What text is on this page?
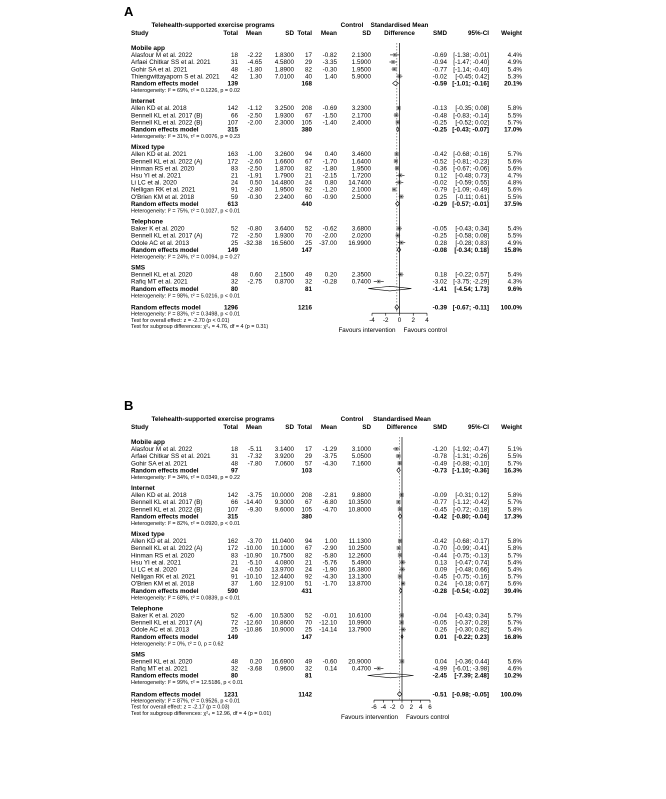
A
Telehealth-supported exercise programs	Control
Study	Total Mean	SD Total Mean	SD
Standardised Mean
Difference	SMD	95%-CI Weight
Mobile app
Alasfour M et al. 2022	18 -2.22 1.8300 17 -0.82 2.1300	-0.69 [-1.38; -0.01]	4.4%
Arfaei Chitkar SS et al. 2021	31 -4.65 4.5800 29 -3.35 1.5900	-0.94 [-1.47; -0.40]	4.9%
Gohir SA et al. 2021	48 -1.80 1.8900 82 -0.30 1.9500	-0.77 [-1.14; -0.40]	5.4%
Thiengwittayaporn S et al. 2021 42 1.30 7.0100 40 1.40 5.9000	-0.02 [-0.45; 0.42]	5.3%
Random effects model	139	168	-0.59 [-1.01; -0.16] 20.1%
Heterogeneity: I² = 69%, τ² = 0.1226, p = 0.02
Internet
Allen KD et al. 2018	142 -1.12 3.2500 208 -0.69 3.2300	-0.13 [-0.35; 0.08]	5.8%
Bennell KL et al. 2017 (B)	66 -2.50 1.9300 67 -1.50 2.1700	-0.48 [-0.83; -0.14]	5.5%
Bennell KL et al. 2022 (B)	107 -2.00 2.3000 105 -1.40 2.4000	-0.25 [-0.52; 0.02]	5.7%
Random effects model	315	380	-0.25 [-0.43; -0.07] 17.0%
Heterogeneity: I² = 31%, τ² = 0.0076, p = 0.23
Mixed type
Allen KD et al. 2021	163 -1.00 3.2600 94 0.40 3.4600	-0.42 [-0.68; -0.16]	5.7%
Bennell KL et al. 2022 (A)	172 -2.60 1.6600 67 -1.70 1.6400	-0.52 [-0.81; -0.23]	5.6%
Hinman RS et al. 2020	83 -2.50 1.8700 82 -1.80 1.9500	-0.36 [-0.67; -0.06]	5.6%
Hsu YI et al. 2021	21 -1.91 1.7900 21 -2.15 1.7200	0.12 [-0.48; 0.73]	4.7%
Li LC et al. 2020	24 0.50 14.4800 24 0.80 14.7400	-0.02 [-0.59; 0.55]	4.8%
Nelligan RK et al. 2021	91 -2.80 1.9500 92 -1.20 2.1000	-0.79 [-1.09; -0.49]	5.6%
O'Brien KM et al. 2018	59 -0.30 2.2400 60 -0.90 2.5000	0.25 [-0.11; 0.61]	5.5%
Random effects model	613	440	-0.29 [-0.57; -0.01] 37.5%
Heterogeneity: I² = 75%, τ² = 0.1027, p < 0.01
Telephone
Baker K et al. 2020	52 -0.80 3.6400 52 -0.62 3.6800	-0.05 [-0.43; 0.34]	5.4%
Bennell KL et al. 2017 (A)	72 -2.50 1.9300 70 -2.00 2.0200	-0.25 [-0.58; 0.08]	5.5%
Odole AC et al. 2013	25 -32.38 16.5600 25 -37.00 16.9900	0.28 [-0.28; 0.83]	4.9%
Random effects model	149	147	-0.08 [-0.34; 0.18] 15.8%
Heterogeneity: I² = 24%, τ² = 0.0094, p = 0.27
SMS
Bennell KL et al. 2020	48 0.60 2.1500 49 0.20 2.3500	0.18 [-0.22; 0.57]	5.4%
Rafiq MT et al. 2021	32 -2.75 0.8700 32 -0.28 0.7400	-3.02 [-3.75; -2.29]	4.3%
Random effects model	80	81	-1.41 [-4.54; 1.73]	9.6%
Heterogeneity: I² = 98%, τ² = 5.0216, p < 0.01
Random effects model	1296	1216	-0.39 [-0.67; -0.11] 100.0%
Heterogeneity: I² = 83%, τ² = 0.3498, p < 0.01
Test for overall effect: z = -2.70 (p < 0.01)
Test for subgroup differences: χ²₄ = 4.76, df = 4 (p = 0.31)
-4 -2 0 2 4
Favours intervention Favours control
B
Telehealth-supported exercise programs	Control
Study	Total Mean	SD Total Mean	SD
Standardised Mean
Difference SMD	95%-CI Weight
Mobile app
Alasfour M et al. 2022	18 -5.11 3.1400 17 -1.29 3.1000	-1.20 [-1.92; -0.47]	5.1%
Arfaei Chitkar SS et al. 2021	31 -7.32 3.9200 29 -3.75 5.0500	-0.78 [-1.31; -0.26]	5.5%
Gohir SA et al. 2021	48 -7.80 7.0600 57 -4.30 7.1600	-0.49 [-0.88; -0.10]	5.7%
Random effects model	97	103	-0.73 [-1.10; -0.36] 16.3%
Heterogeneity: I² = 34%, τ² = 0.0349, p = 0.22
Internet
Allen KD et al. 2018	142 -3.75 10.0000 208 -2.81 9.8800	-0.09 [-0.31; 0.12]	5.8%
Bennell KL et al. 2017 (B)	66 -14.40 9.3000 67 -6.80 10.3500	-0.77 [-1.12; -0.42]	5.7%
Bennell KL et al. 2022 (B)	107 -9.30 9.6000 105 -4.70 10.8000	-0.45 [-0.72; -0.18]	5.8%
Random effects model	315	380	-0.42 [-0.80; -0.04] 17.3%
Heterogeneity: I² = 82%, τ² = 0.0920, p < 0.01
Mixed type
Allen KD et al. 2021	162 -3.70 11.0400 94 1.00 11.1300	-0.42 [-0.68; -0.17]	5.8%
Bennell KL et al. 2022 (A)	172 -10.00 10.1000 67 -2.90 10.2500	-0.70 [-0.99; -0.41]	5.8%
Hinman RS et al. 2020	83 -10.90 10.7500 82 -5.80 12.2600	-0.44 [-0.75; -0.13]	5.7%
Hsu YI et al. 2021	21 -5.10 4.0800 21 -5.76 5.4900	0.13 [-0.47; 0.74]	5.4%
Li LC et al. 2020	24 -0.50 13.9700 24 -1.90 16.3800	0.09 [-0.48; 0.66]	5.4%
Nelligan RK et al. 2021	91 -10.10 12.4400 92 -4.30 13.1300	-0.45 [-0.75; -0.16]	5.7%
O'Brien KM et al. 2018	37 1.60 12.9100 51 -1.70 13.8700	0.24 [-0.18; 0.67]	5.6%
Random effects model	590	431	-0.28 [-0.54; -0.02] 39.4%
Heterogeneity: I² = 68%, τ² = 0.0839, p < 0.01
Telephone
Baker K et al. 2020	52 -6.00 10.5300 52 -0.01 10.6100	-0.04 [-0.43; 0.34]	5.7%
Bennell KL et al. 2017 (A)	72 -12.60 10.8600 70 -12.10 10.9900	-0.05 [-0.37; 0.28]	5.7%
Odole AC et al. 2013	25 -10.86 10.9000 25 -14.14 13.7900	0.26 [-0.30; 0.82]	5.4%
Random effects model	149	147	0.01 [-0.22; 0.23] 16.8%
Heterogeneity: I² = 0%, τ² = 0, p = 0.62
SMS
Bennell KL et al. 2020	48 0.20 16.6900 49 -0.60 20.9000	0.04 [-0.36; 0.44]	5.6%
Rafiq MT et al. 2021	32 -3.68 0.9600 32 0.14 0.4700	-4.99 [-6.01; -3.98]	4.6%
Random effects model	80	81	-2.45 [-7.39; 2.48] 10.2%
Heterogeneity: I² = 99%, τ² = 12.5186, p < 0.01
Random effects model	1231	1142	-0.51 [-0.98; -0.05] 100.0%
Heterogeneity: I² = 87%, τ² = 0.9526, p < 0.01
Test for overall effect: z = -2.17 (p = 0.03)
Test for subgroup differences: χ²₄ = 12.96, df = 4 (p = 0.01)
-6 -4 -2 0 2 4 6
Favours intervention Favours control
